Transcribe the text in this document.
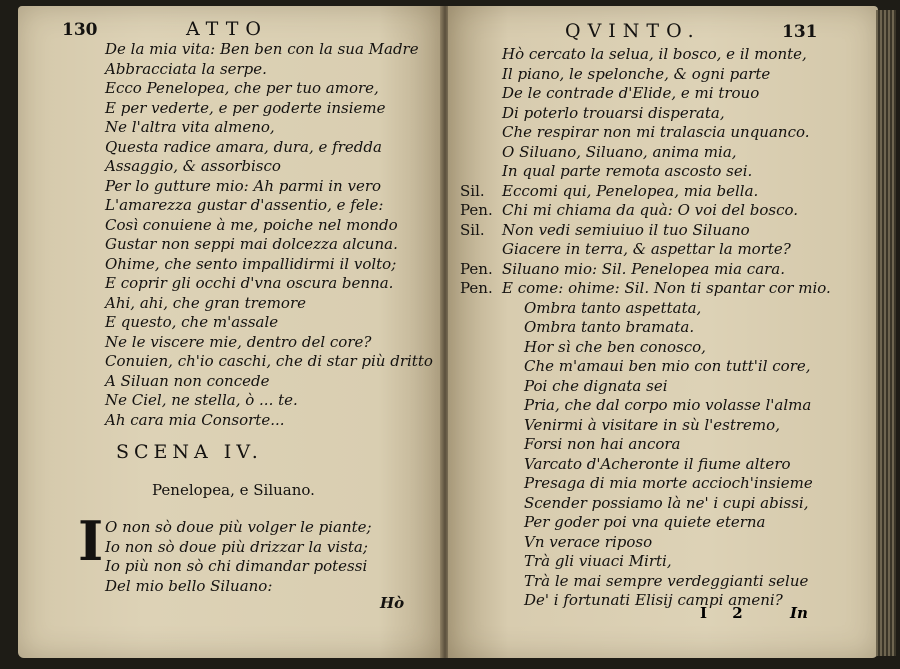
130	ATTO
De la mia vita: Ben ben con la sua Madre
Abbracciata la serpe.
Ecco Penelopea, che per tuo amore,
E per vederte, e per goderte insieme
Ne l'altra vita almeno,
Questa radice amara, dura, e fredda
Assaggio, & assorbisco
Per lo gutture mio: Ah parmi in vero
L'amarezza gustar d'assentio, e fele:
Così conuiene à me, poiche nel mondo
Gustar non seppi mai dolcezza alcuna.
Ohime, che sento impallidirmi il volto;
E coprir gli occhi d'vna oscura benna.
Ahi, ahi, che gran tremore
E questo, che m'assale
Ne le viscere mie, dentro del core?
Conuien, ch'io caschi, che di star più dritto
A Siluan non concede
Ne Ciel, ne stella, ò ... te.
Ah cara mia Consorte...
SCENA IV.
Penelopea, e Siluano.
I O non sò doue più volger le piante;
Io non sò doue più drizzar la vista;
Io più non sò chi dimandar potessi
Del mio bello Siluano:
Hò
QVINTO.	131
Hò cercato la selua, il bosco, e il monte,
Il piano, le spelonche, & ogni parte
De le contrade d'Elide, e mi trouo
Di poterlo trouarsi disperata,
Che respirar non mi tralascia unquanco.
O Siluano, Siluano, anima mia,
In qual parte remota ascosto sei.
Sil. Eccomi qui, Penelopea, mia bella.
Pen. Chi mi chiama da quà: O voi del bosco.
Sil. Non vedi semiuiuo il tuo Siluano
Giacere in terra, & aspettar la morte?
Pen. Siluano mio: Sil. Penelopea mia cara.
Pen. E come: ohime: Sil. Non ti spantar cor mio.
Ombra tanto aspettata,
Ombra tanto bramata.
Hor sì che ben conosco,
Che m'amaui ben mio con tutt'il core,
Poi che dignata sei
Pria, che dal corpo mio volasse l'alma
Venirmi à visitare in sù l'estremo,
Forsi non hai ancora
Varcato d'Acheronte il fiume altero
Presaga di mia morte accioch'insieme
Scender possiamo là ne' i cupi abissi,
Per goder poi vna quiete eterna
Vn verace riposo
Trà gli viuaci Mirti,
Trà le mai sempre verdeggianti selue
De' i fortunati Elisij campi ameni?
I 2 In
